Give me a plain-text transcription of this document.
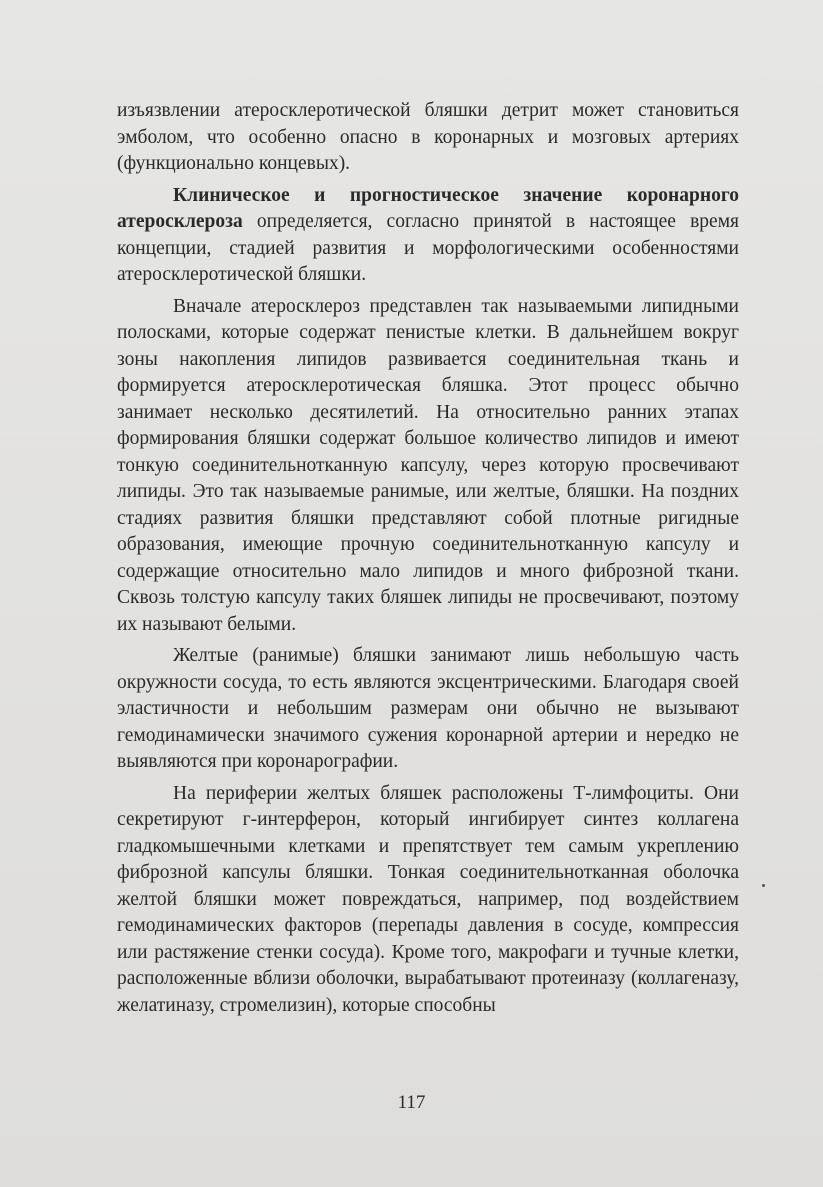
изъязвлении атеросклеротической бляшки детрит может становиться эмболом, что особенно опасно в коронарных и мозговых артериях (функционально концевых).

Клиническое и прогностическое значение коронарного атеросклероза определяется, согласно принятой в настоящее время концепции, стадией развития и морфологическими особенностями атеросклеротической бляшки.

Вначале атеросклероз представлен так называемыми липидными полосками, которые содержат пенистые клетки. В дальнейшем вокруг зоны накопления липидов развивается соединительная ткань и формируется атеросклеротическая бляшка. Этот процесс обычно занимает несколько десятилетий. На относительно ранних этапах формирования бляшки содержат большое количество липидов и имеют тонкую соединительнотканную капсулу, через которую просвечивают липиды. Это так называемые ранимые, или желтые, бляшки. На поздних стадиях развития бляшки представляют собой плотные ригидные образования, имеющие прочную соединительнотканную капсулу и содержащие относительно мало липидов и много фиброзной ткани. Сквозь толстую капсулу таких бляшек липиды не просвечивают, поэтому их называют белыми.

Желтые (ранимые) бляшки занимают лишь небольшую часть окружности сосуда, то есть являются эксцентрическими. Благодаря своей эластичности и небольшим размерам они обычно не вызывают гемодинамически значимого сужения коронарной артерии и нередко не выявляются при коронарографии.

На периферии желтых бляшек расположены Т-лимфоциты. Они секретируют г-интерферон, который ингибирует синтез коллагена гладкомышечными клетками и препятствует тем самым укреплению фиброзной капсулы бляшки. Тонкая соединительнотканная оболочка желтой бляшки может повреждаться, например, под воздействием гемодинамических факторов (перепады давления в сосуде, компрессия или растяжение стенки сосуда). Кроме того, макрофаги и тучные клетки, расположенные вблизи оболочки, вырабатывают протеиназу (коллагеназу, желатиназу, стромелизин), которые способны

117
